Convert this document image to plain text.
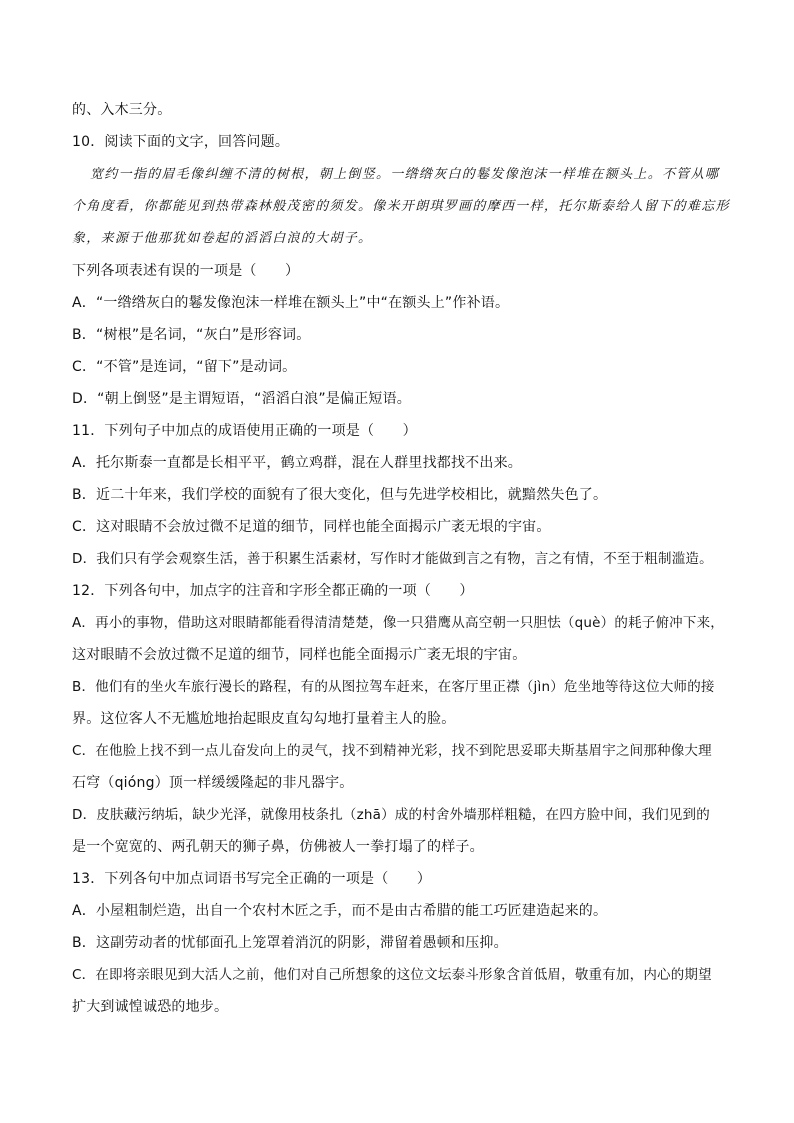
的、入木三分。
10．阅读下面的文字，回答问题。
宽约一指的眉毛像纠缠不清的树根，朝上倒竖。一绺绺灰白的鬈发像泡沫一样堆在额头上。不管从哪
个角度看，你都能见到热带森林般茂密的须发。像米开朗琪罗画的摩西一样，托尔斯泰给人留下的难忘形
象，来源于他那犹如卷起的滔滔白浪的大胡子。
下列各项表述有误的一项是（　　）
A．“一绺绺灰白的鬈发像泡沫一样堆在额头上”中“在额头上”作补语。
B．“树根”是名词，“灰白”是形容词。
C．“不管”是连词，“留下”是动词。
D．“朝上倒竖”是主谓短语，“滔滔白浪”是偏正短语。
11．下列句子中加点的成语使用正确的一项是（　　）
A．托尔斯泰一直都是长相平平，鹤立鸡群，混在人群里找都找不出来。
B．近二十年来，我们学校的面貌有了很大变化，但与先进学校相比，就黯然失色了。
C．这对眼睛不会放过微不足道的细节，同样也能全面揭示广袤无垠的宇宙。
D．我们只有学会观察生活，善于积累生活素材，写作时才能做到言之有物，言之有情，不至于粗制滥造。
12．下列各句中，加点字的注音和字形全都正确的一项（　　）
A．再小的事物，借助这对眼睛都能看得清清楚楚，像一只猎鹰从高空朝一只胆怯（què）的耗子俯冲下来，
这对眼睛不会放过微不足道的细节，同样也能全面揭示广袤无垠的宇宙。
B．他们有的坐火车旅行漫长的路程，有的从图拉驾车赶来，在客厅里正襟（jìn）危坐地等待这位大师的接
界。这位客人不无尴尬地抬起眼皮直勾勾地打量着主人的脸。
C．在他脸上找不到一点儿奋发向上的灵气，找不到精神光彩，找不到陀思妥耶夫斯基眉宇之间那种像大理
石穹（qióng）顶一样缓缓隆起的非凡器宇。
D．皮肤藏污纳垢，缺少光泽，就像用枝条扎（zhā）成的村舍外墙那样粗糙，在四方脸中间，我们见到的
是一个宽宽的、两孔朝天的狮子鼻，仿佛被人一拳打塌了的样子。
13．下列各句中加点词语书写完全正确的一项是（　　）
A．小屋粗制烂造，出自一个农村木匠之手，而不是由古希腊的能工巧匠建造起来的。
B．这副劳动者的忧郁面孔上笼罩着消沉的阴影，滞留着愚顿和压抑。
C．在即将亲眼见到大活人之前，他们对自己所想象的这位文坛泰斗形象含首低眉，敬重有加，内心的期望
扩大到诚惶诚恐的地步。
